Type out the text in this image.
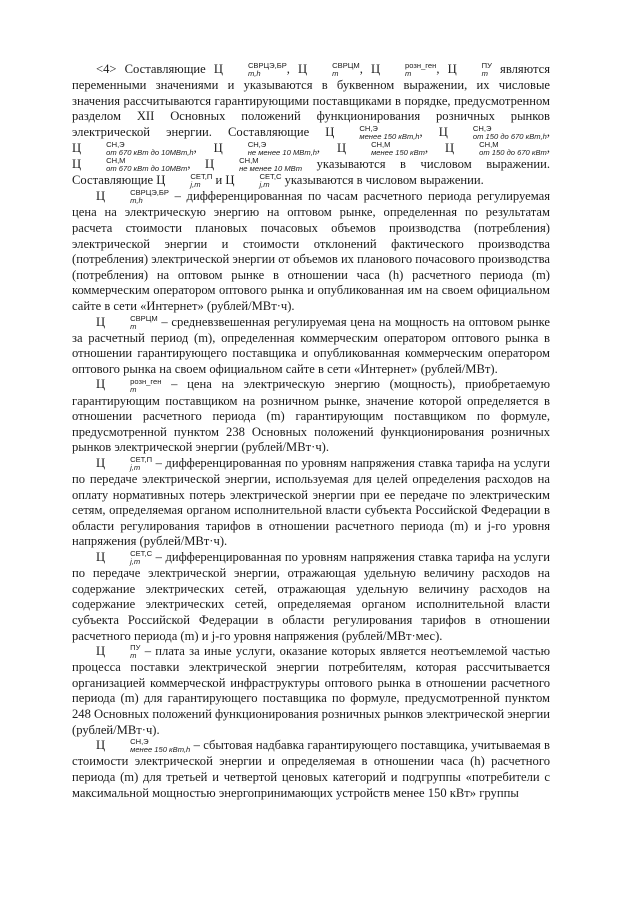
<4> Составляющие Ц	СВРЦЭ,БР
m,h	, Ц	СВРЦМ
m	, Ц	розн_ген
m	, Ц	ПУ
m являются переменными значениями и указываются в буквенном выражении, их числовые значения рассчитываются гарантирующими поставщиками в порядке, предусмотренном разделом XII Основных положений функционирования розничных рынков электрической энергии. Составляющие Ц	СН,Э
менее 150 кВт,h , Ц	СН,Э
от 150 до 670 кВт,h , Ц	СН,Э
от 670 кВт до 10МВт,h , Ц	СН,Э
не менее 10 МВт,h , Ц	СН,М
менее 150 кВт , Ц	СН,М
от 150 до 670 кВт , Ц	СН,М
от 670 кВт до 10МВт , Ц	СН,М
не менее 10 МВт указываются в числовом выражении. Составляющие Ц	СЕТ,П
j,m и Ц	СЕТ,С
j,m указываются в числовом выражении.

Ц	СВРЦЭ,БР
m,h	– дифференцированная по часам расчетного периода регулируемая цена на электрическую энергию на оптовом рынке, определенная по результатам расчета стоимости плановых почасовых объемов производства (потребления) электрической энергии и стоимости отклонений фактического производства (потребления) электрической энергии от объемов их планового почасового производства (потребления) на оптовом рынке в отношении часа (h) расчетного периода (m) коммерческим оператором оптового рынка и опубликованная им на своем официальном сайте в сети «Интернет» (рублей/МВт·ч).

Ц	СВРЦМ
m	– средневзвешенная регулируемая цена на мощность на оптовом рынке за расчетный период (m), определенная коммерческим оператором оптового рынка в отношении гарантирующего поставщика и опубликованная коммерческим оператором оптового рынка на своем официальном сайте в сети «Интернет» (рублей/МВт).

Ц	розн_ген
m	– цена на электрическую энергию (мощность), приобретаемую гарантирующим поставщиком на розничном рынке, значение которой определяется в отношении расчетного периода (m) гарантирующим поставщиком по формуле, предусмотренной пунктом 238 Основных положений функционирования розничных рынков электрической энергии (рублей/МВт·ч).

Ц	СЕТ,П
j,m – дифференцированная по уровням напряжения ставка тарифа на услуги по передаче электрической энергии, используемая для целей определения расходов на оплату нормативных потерь электрической энергии при ее передаче по электрическим сетям, определяемая органом исполнительной власти субъекта Российской Федерации в области регулирования тарифов в отношении расчетного периода (m) и j-го уровня напряжения (рублей/МВт·ч).

Ц	СЕТ,С
j,m – дифференцированная по уровням напряжения ставка тарифа на услуги по передаче электрической энергии, отражающая удельную величину расходов на содержание электрических сетей, отражающая удельную величину расходов на содержание электрических сетей, определяемая органом исполнительной власти субъекта Российской Федерации в области регулирования тарифов в отношении расчетного периода (m) и j-го уровня напряжения (рублей/МВт·мес).

Ц	ПУ
m – плата за иные услуги, оказание которых является неотъемлемой частью процесса поставки электрической энергии потребителям, которая рассчитывается организацией коммерческой инфраструктуры оптового рынка в отношении расчетного периода (m) для гарантирующего поставщика по формуле, предусмотренной пунктом 248 Основных положений функционирования розничных рынков электрической энергии (рублей/МВт·ч).

Ц	СН,Э
менее 150 кВт,h – сбытовая надбавка гарантирующего поставщика, учитываемая в стоимости электрической энергии и определяемая в отношении часа (h) расчетного периода (m) для третьей и четвертой ценовых категорий и подгруппы «потребители с максимальной мощностью энергопринимающих устройств менее 150 кВт» группы
